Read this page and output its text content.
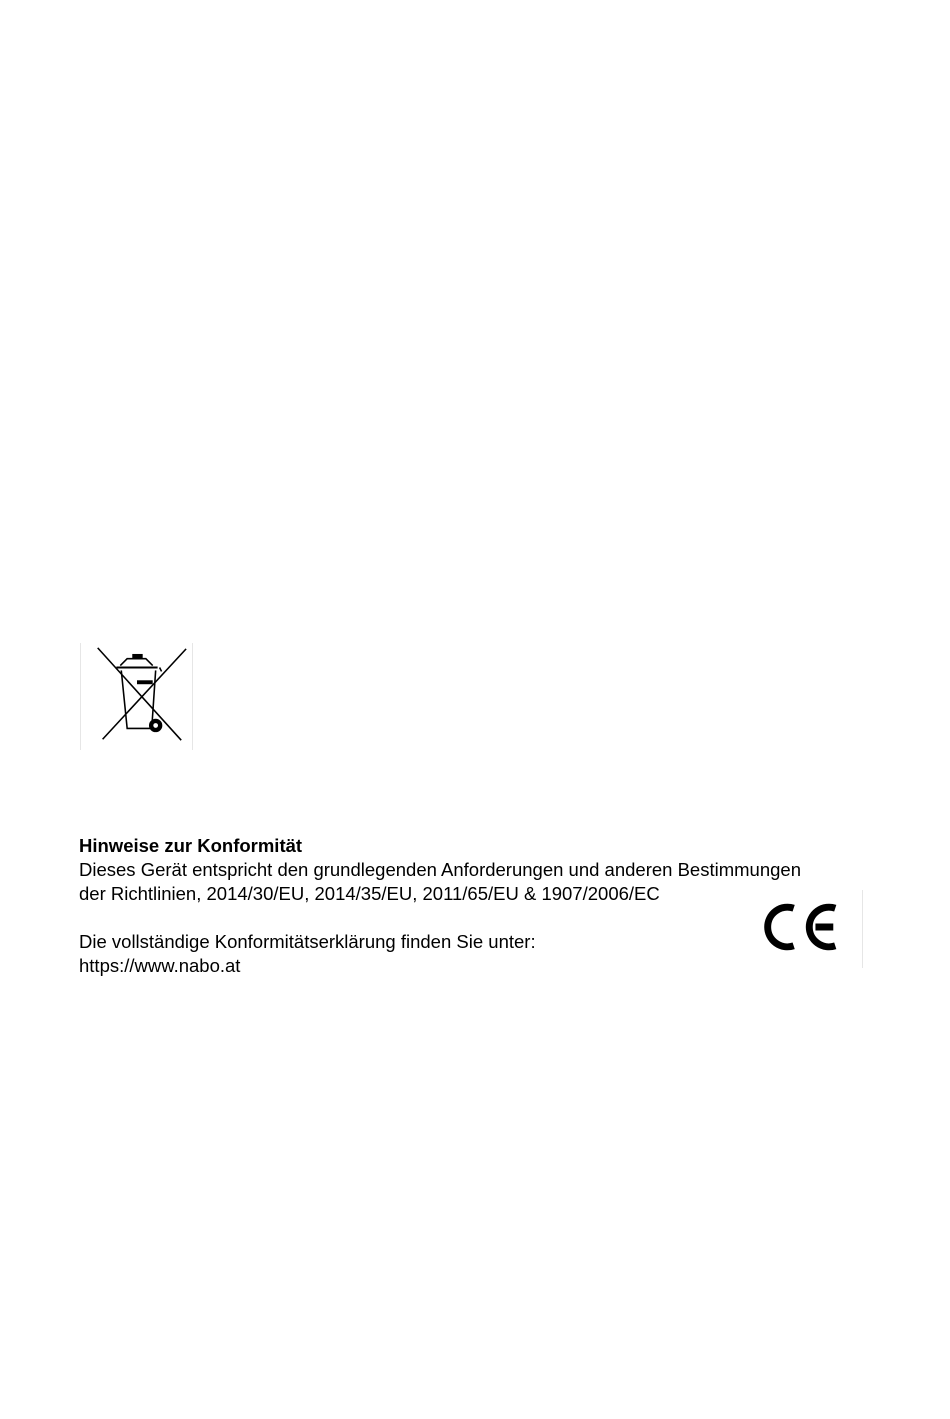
Hinweise zur Konformität
Dieses Gerät entspricht den grundlegenden Anforderungen und anderen Bestimmungen
der Richtlinien, 2014/30/EU, 2014/35/EU, 2011/65/EU & 1907/2006/EC
Die vollständige Konformitätserklärung finden Sie unter:
https://www.nabo.at
